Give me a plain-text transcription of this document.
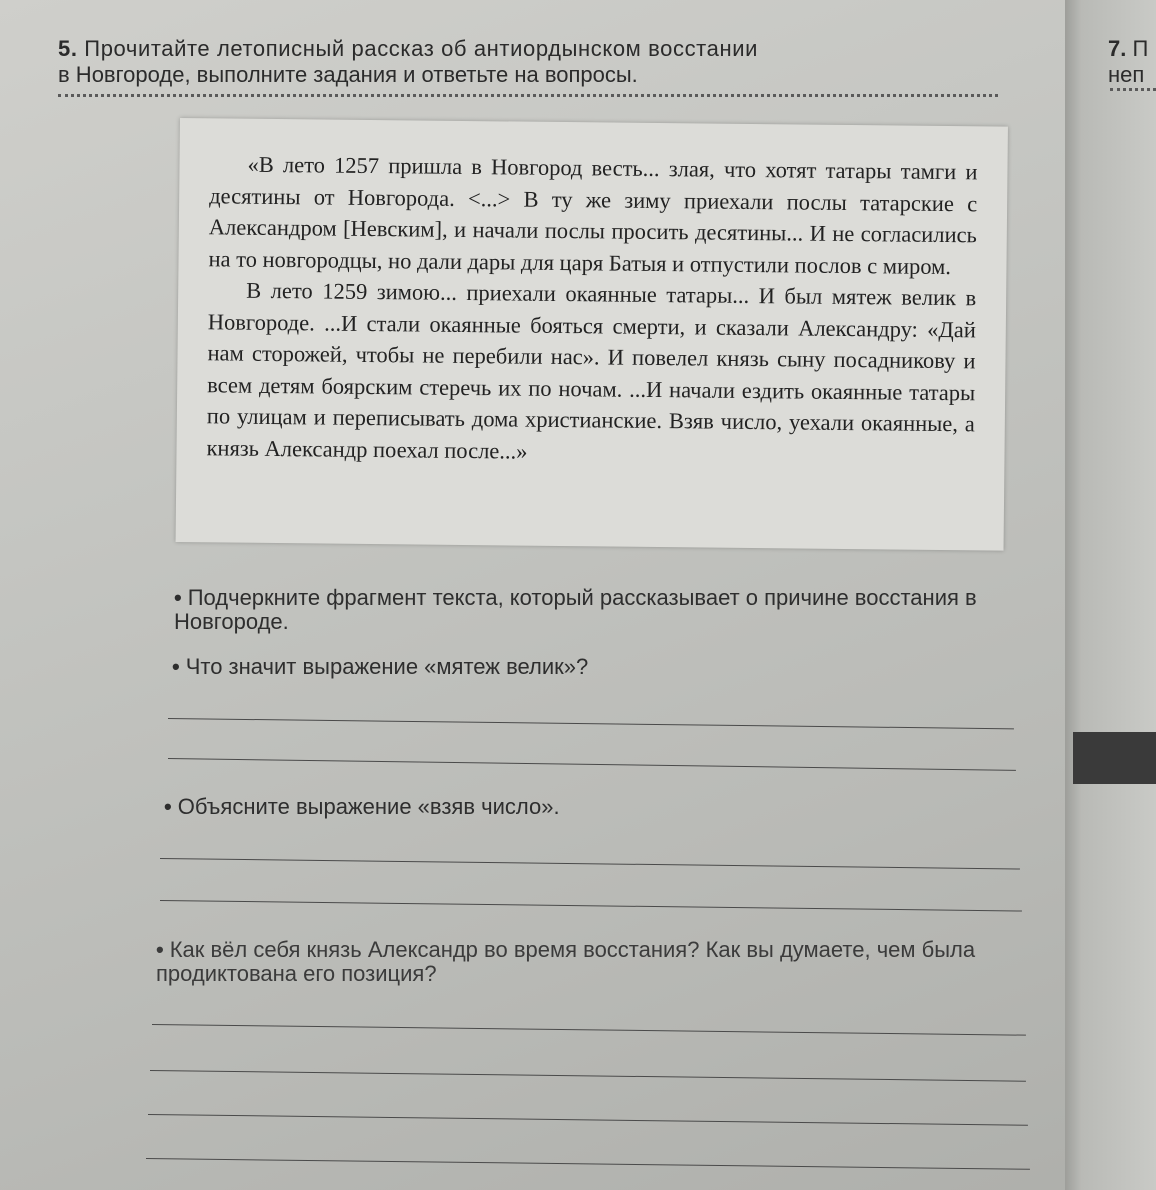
5. Прочитайте летописный рассказ об антиордынском восстании
в Новгороде, выполните задания и ответьте на вопросы.
7. П
неп

«В лето 1257 пришла в Новгород весть... злая, что хотят татары тамги и десятины от Новгорода. <...> В ту же зиму приехали послы татарские с Александром [Невским], и начали послы просить десятины... И не согласились на то новгородцы, но дали дары для царя Батыя и отпустили послов с миром.

В лето 1259 зимою... приехали окаянные татары... И был мятеж велик в Новгороде. ...И стали окаянные бояться смерти, и сказали Александру: «Дай нам сторожей, чтобы не перебили нас». И повелел князь сыну посадникову и всем детям боярским стеречь их по ночам. ...И начали ездить окаянные татары по улицам и переписывать дома христианские. Взяв число, уехали окаянные, а князь Александр поехал после...»

• Подчеркните фрагмент текста, который рассказывает о причине восстания в Новгороде.
• Что значит выражение «мятеж велик»?
• Объясните выражение «взяв число».
• Как вёл себя князь Александр во время восстания? Как вы думаете, чем была продиктована его позиция?
